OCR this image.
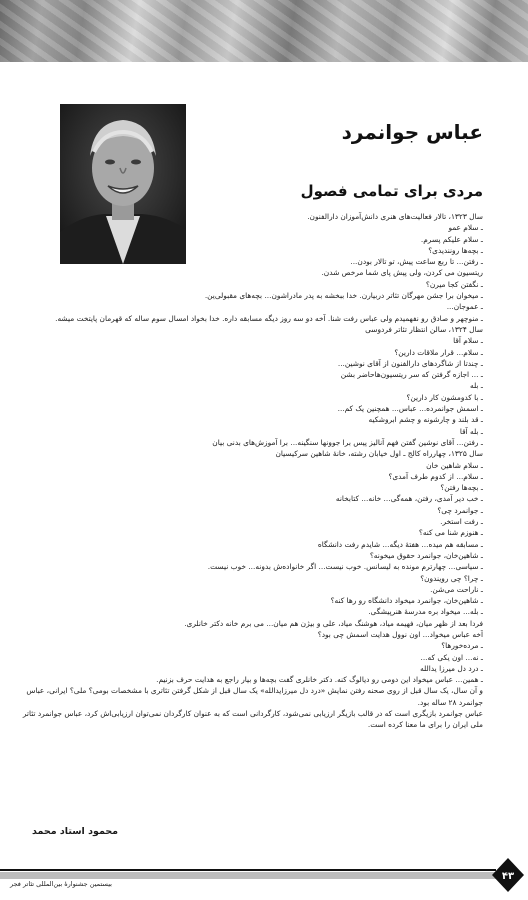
عباس جوانمرد
مردی برای تمامی فصول
سال ۱۳۲۳، تالار فعالیت‌های هنری دانش‌آموزان دارالفنون.
ـ سلام عمو
ـ سلام علیکم پسرم.
ـ بچه‌ها رونندیدی؟
ـ رفتن... تا ربع ساعت پیش، تو تالار بودن...
ریتسیون می کردن، ولی پیش پای شما مرخص شدن.
ـ نگفتن کجا میرن؟
ـ میخوان برا جشن مهرگان تئاتر دربیارن. خدا ببخشه به پدر مادراشون... بچه‌های مقبولی‌ین.
ـ عموجان...
ـ منوچهر و صادق رو نفهمیدم ولی عباس رفت شنا. آخه دو سه روز دیگه مسابقه داره. خدا بخواد امسال سوم ساله که قهرمان پایتخت میشه.
سال ۱۳۲۴، سالن انتظار تئاتر فردوسی
ـ سلام آقا
ـ سلام... قرار ملاقات دارین؟
ـ چندتا از شاگردهای دارالفنون از آقای نوشین...
ـ ... اجازه گرفتن که سر ریتسیون‌هاحاضر بشن
ـ بله
ـ با کدومشون کار دارین؟
ـ اسمش جوانمرده... عباس... همچنین یک کم...
ـ قد بلند و چارشونه و چشم ابروشکیه
ـ بله آقا
ـ رفتن... آقای نوشین گفتن فهم آنالیز پیس برا جوونها سنگینه... برا آموزش‌های بدنی بیان
سال ۱۳۲۵، چهارراه کالج ـ اول خیابان رشته، خانهٔ شاهین سرکیسیان
ـ سلام شاهین خان
ـ سلام... از کدوم طرف آمدی؟
ـ بچه‌ها رفتن؟
ـ خب دیر آمدی، رفتن، همه‌گی... خانه... کتابخانه
ـ جوانمرد چی؟
ـ رفت استخر.
ـ هنوزم شنا می کنه؟
ـ مسابقه هم میده... هفتهٔ دیگه... شایدم رفت دانشگاه
ـ شاهین‌خان، جوانمرد حقوق میخونه؟
ـ سیاسی... چهارترم مونده به لیسانس. خوب نیست... اگر خانواده‌ش بدونه... خوب نیست.
ـ چرا؟ چی رویندون؟
ـ ناراحت می‌شن.
ـ شاهین‌خان، جوانمرد میخواد دانشگاه رو رها کنه؟
ـ بله... میخواد بره مدرسهٔ هنرپیشگی.
فردا بعد از ظهر میان، فهیمه میاد، هوشنگ میاد، علی و بیژن هم میان... می برم خانه دکتر خانلری.
آخه عباس میخواد... اون نوول هدایت اسمش چی بود؟
ـ مرده‌خورها؟
ـ نه... اون یکی که...
ـ درد دل میرزا یدالله
ـ همین... عباس میخواد این دومی رو دیالوگ کنه. دکتر خانلری گفت بچه‌ها و بیار راجع به هدایت حرف بزنیم.
و آن سال، یک سال قبل از روی صحنه رفتن نمایش «درد دل میرزایدالله» یک سال قبل از شکل گرفتن تئاتری با مشخصات بومی؟ ملی؟ ایرانی، عباس
جوانمرد ۲۸ ساله بود.
عباس جوانمرد بازیگری است که در قالب بازیگر ارزیابی نمی‌شود، کارگردانی است که به عنوان کارگردان نمی‌توان ارزیابی‌اش کرد، عباس جوانمرد تئاتر
ملی ایران را برای ما معنا کرده است.
محمود استاد محمد
۴۳
بیستمین جشنوارهٔ بین‌المللی تئاتر فجر
